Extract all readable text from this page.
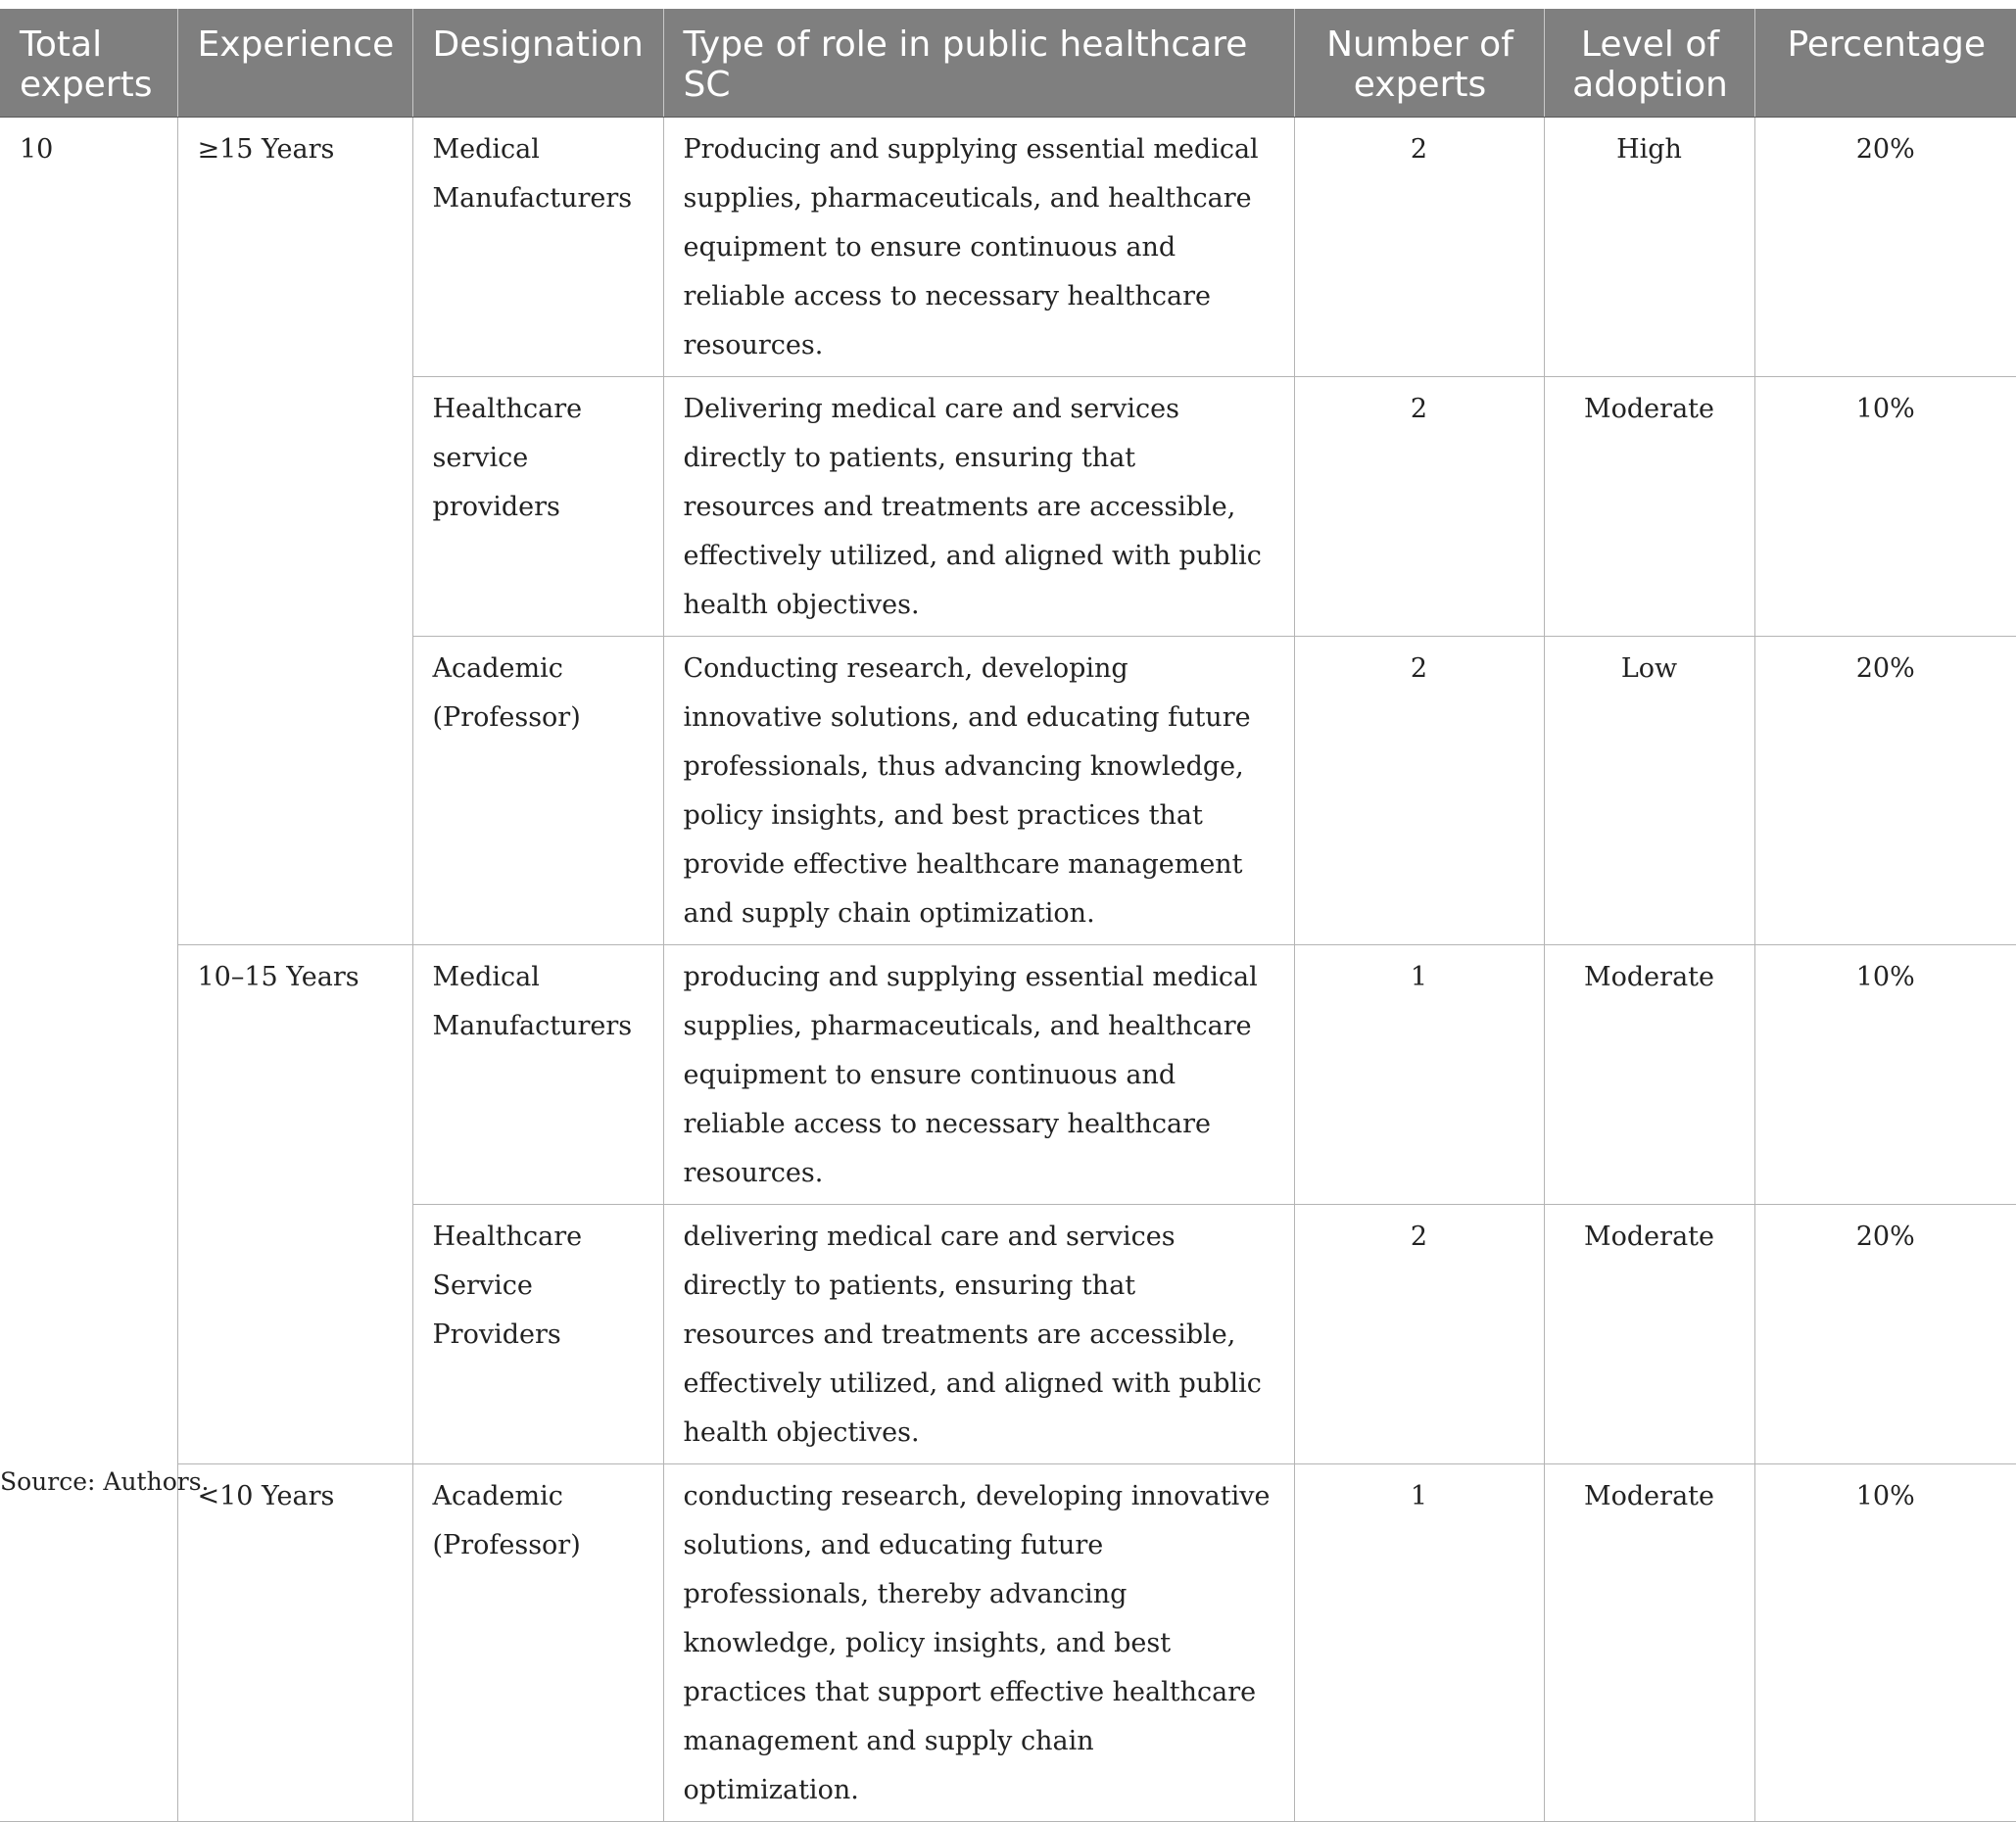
Total experts	Experience	Designation	Type of role in public healthcare SC	Number of experts	Level of adoption	Percentage
10	≥15 Years	Medical Manufacturers	Producing and supplying essential medical supplies, pharmaceuticals, and healthcare equipment to ensure continuous and reliable access to necessary healthcare resources.	2	High	20%
		Healthcare service providers	Delivering medical care and services directly to patients, ensuring that resources and treatments are accessible, effectively utilized, and aligned with public health objectives.	2	Moderate	10%
		Academic (Professor)	Conducting research, developing innovative solutions, and educating future professionals, thus advancing knowledge, policy insights, and best practices that provide effective healthcare management and supply chain optimization.	2	Low	20%
	10–15 Years	Medical Manufacturers	producing and supplying essential medical supplies, pharmaceuticals, and healthcare equipment to ensure continuous and reliable access to necessary healthcare resources.	1	Moderate	10%
		Healthcare Service Providers	delivering medical care and services directly to patients, ensuring that resources and treatments are accessible, effectively utilized, and aligned with public health objectives.	2	Moderate	20%
	<10 Years	Academic (Professor)	conducting research, developing innovative solutions, and educating future professionals, thereby advancing knowledge, policy insights, and best practices that support effective healthcare management and supply chain optimization.	1	Moderate	10%
Source: Authors.
